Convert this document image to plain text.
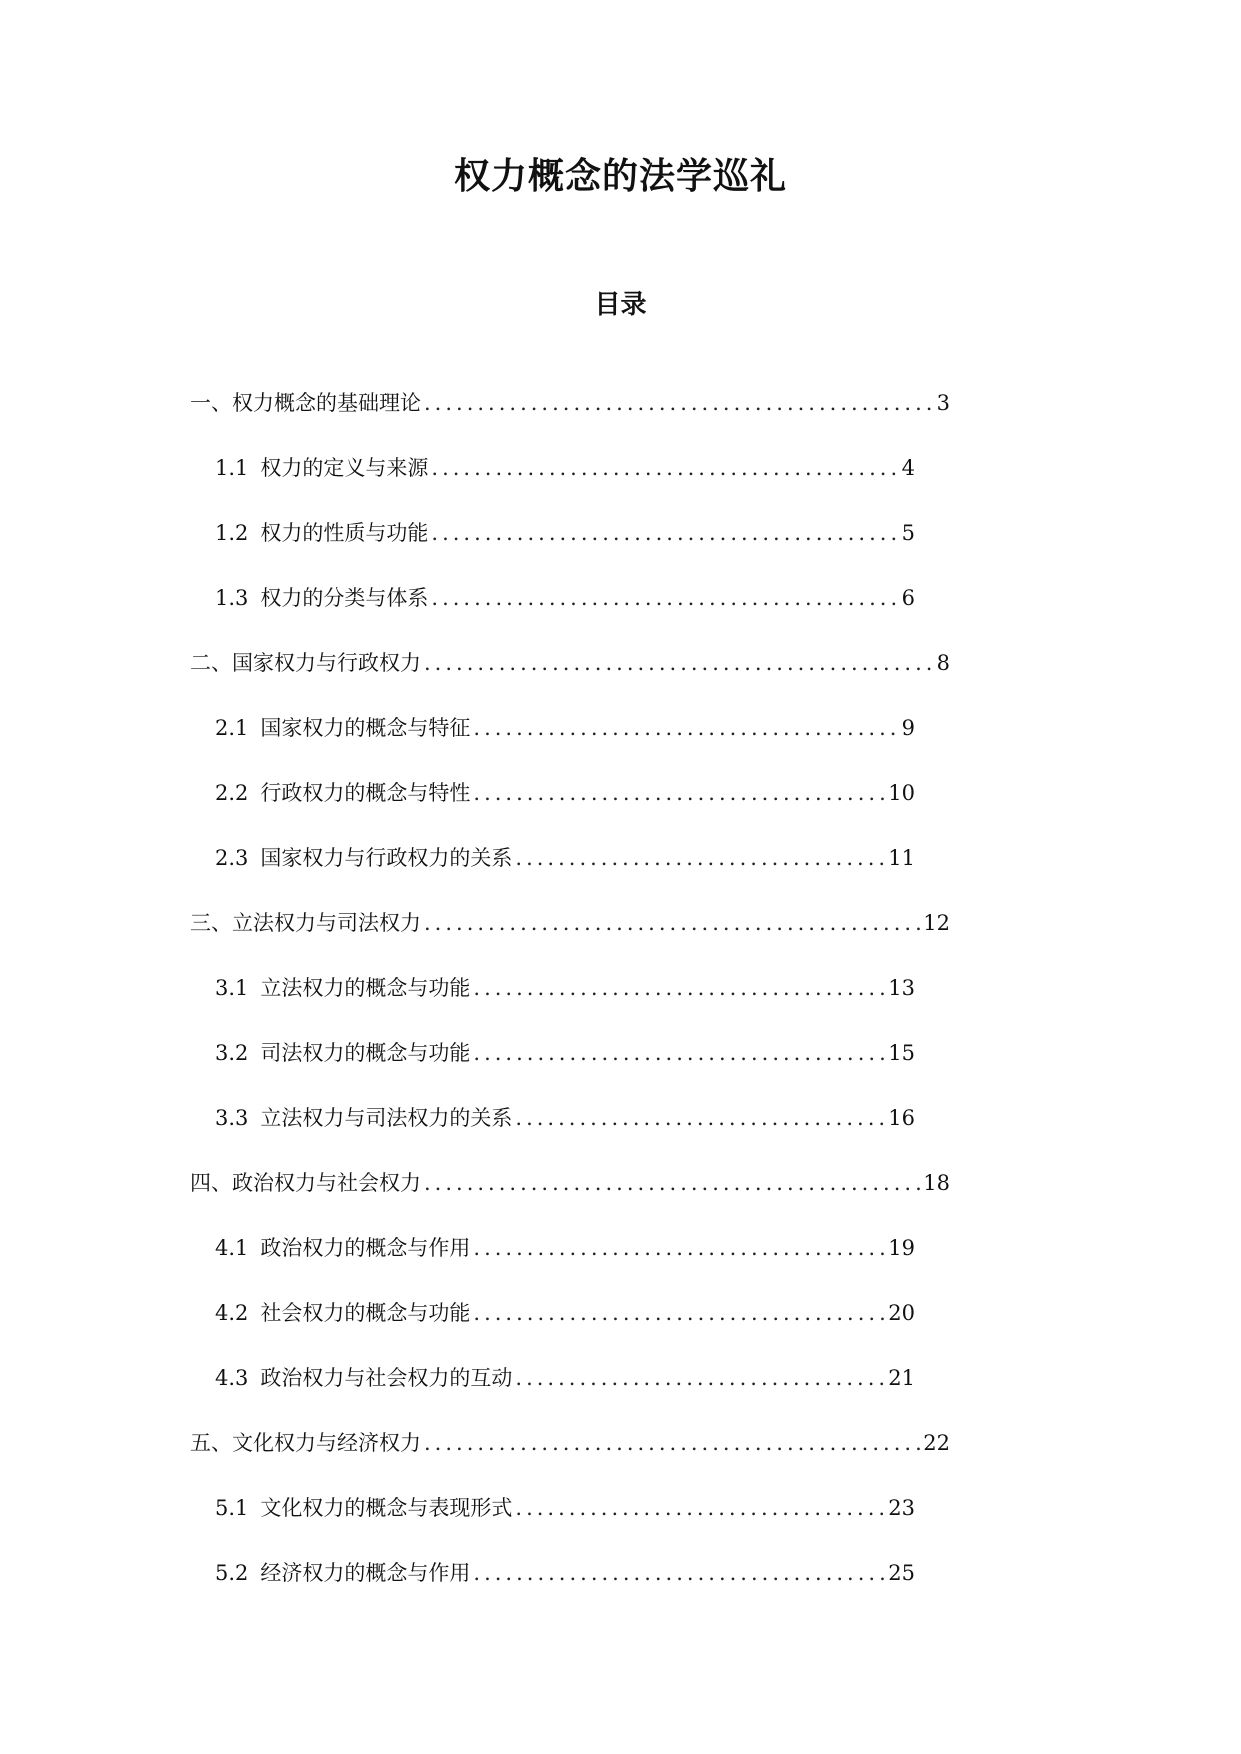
权力概念的法学巡礼
目录
一、权力概念的基础理论 .....	3
1.1 权力的定义与来源 .....	4
1.2 权力的性质与功能 .....	5
1.3 权力的分类与体系 .....	6
二、国家权力与行政权力 .....	8
2.1 国家权力的概念与特征 .....	9
2.2 行政权力的概念与特性 .....	10
2.3 国家权力与行政权力的关系 .....	11
三、立法权力与司法权力 .....	12
3.1 立法权力的概念与功能 .....	13
3.2 司法权力的概念与功能 .....	15
3.3 立法权力与司法权力的关系 .....	16
四、政治权力与社会权力 .....	18
4.1 政治权力的概念与作用 .....	19
4.2 社会权力的概念与功能 .....	20
4.3 政治权力与社会权力的互动 .....	21
五、文化权力与经济权力 .....	22
5.1 文化权力的概念与表现形式 .....	23
5.2 经济权力的概念与作用 .....	25
